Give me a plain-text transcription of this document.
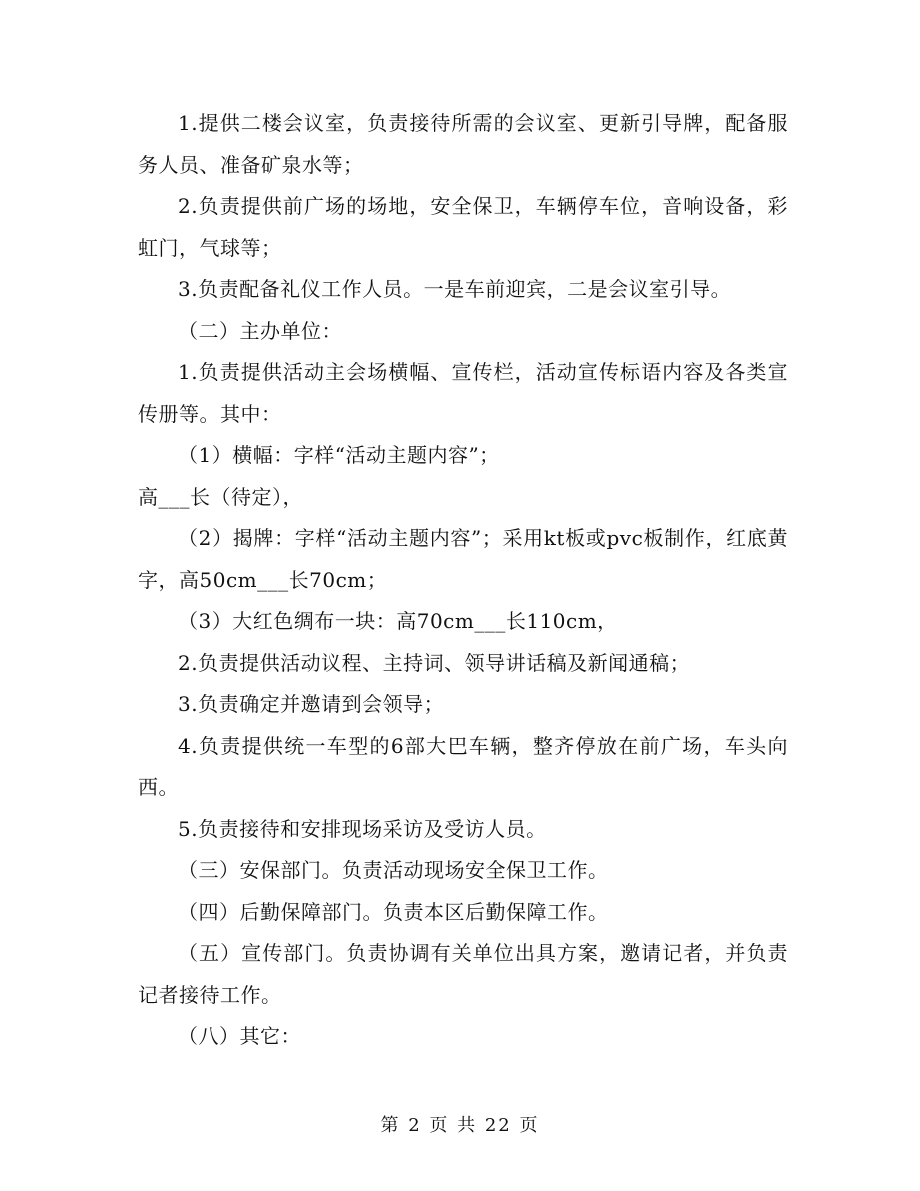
1.提供二楼会议室，负责接待所需的会议室、更新引导牌，配备服务人员、准备矿泉水等；

2.负责提供前广场的场地，安全保卫，车辆停车位，音响设备，彩虹门，气球等；

3.负责配备礼仪工作人员。一是车前迎宾，二是会议室引导。

（二）主办单位：

1.负责提供活动主会场横幅、宣传栏，活动宣传标语内容及各类宣传册等。其中：

（1）横幅：字样“活动主题内容”；

高___长（待定），

（2）揭牌：字样“活动主题内容”；采用kt板或pvc板制作，红底黄字，高50cm___长70cm；

（3）大红色绸布一块：高70cm___长110cm，

2.负责提供活动议程、主持词、领导讲话稿及新闻通稿；

3.负责确定并邀请到会领导；

4.负责提供统一车型的6部大巴车辆，整齐停放在前广场，车头向西。

5.负责接待和安排现场采访及受访人员。

（三）安保部门。负责活动现场安全保卫工作。

（四）后勤保障部门。负责本区后勤保障工作。

（五）宣传部门。负责协调有关单位出具方案，邀请记者，并负责记者接待工作。

（八）其它：

第 2 页 共 22 页
